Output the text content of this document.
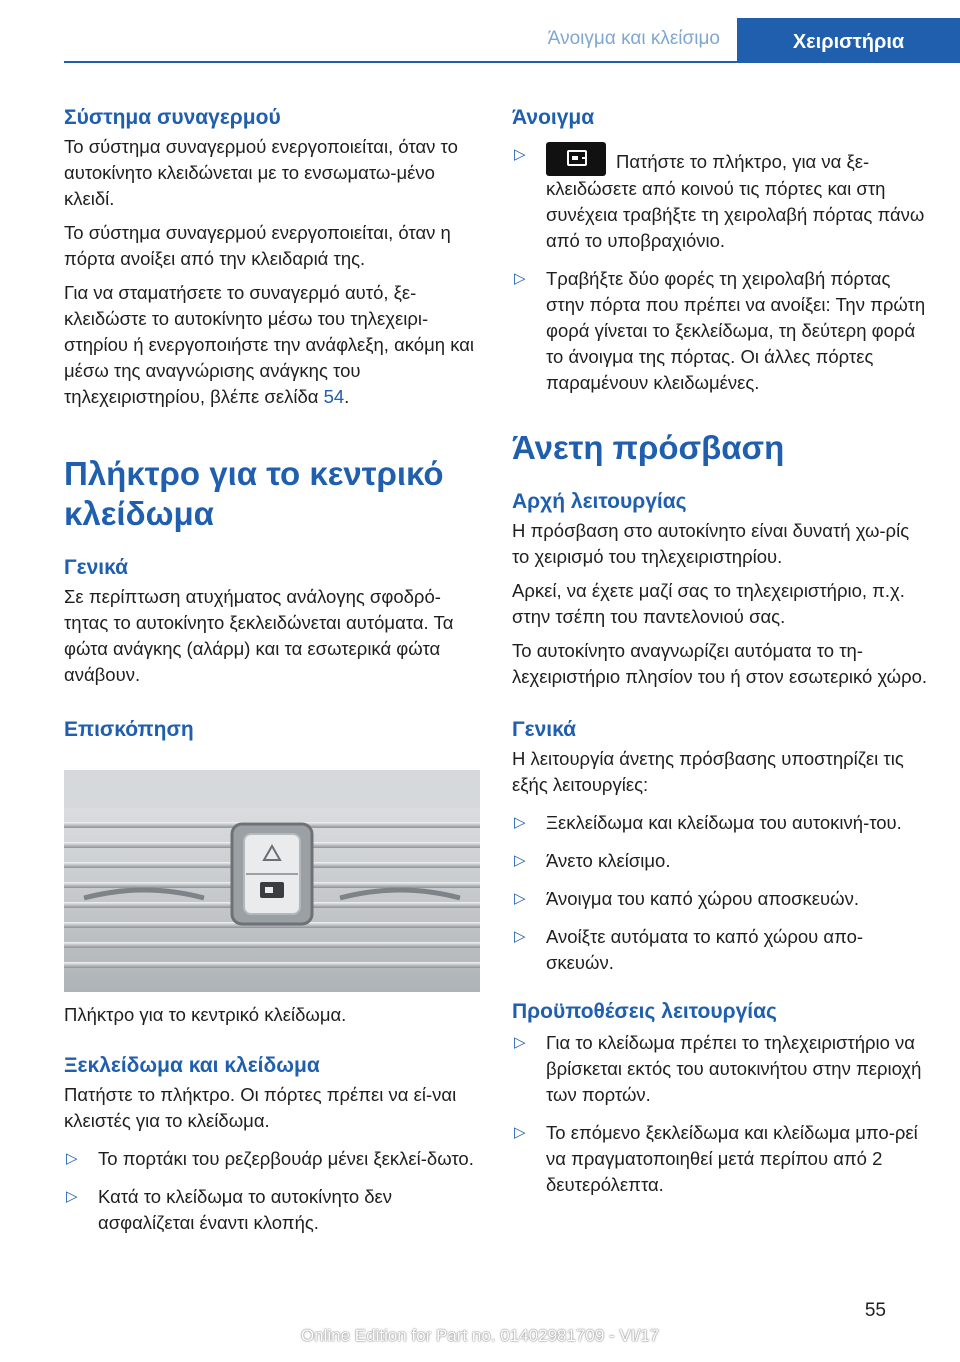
Άνοιγμα και κλείσιμο	Χειριστήρια
Σύστημα συναγερμού

Το σύστημα συναγερμού ενεργοποιείται, όταν το αυτοκίνητο κλειδώνεται με το ενσωματω‐μένο κλειδί.

Το σύστημα συναγερμού ενεργοποιείται, όταν η πόρτα ανοίξει από την κλειδαριά της.

Για να σταματήσετε το συναγερμό αυτό, ξε‐κλειδώστε το αυτοκίνητο μέσω του τηλεχειρι‐στηρίου ή ενεργοποιήστε την ανάφλεξη, ακόμη και μέσω της αναγνώρισης ανάγκης του τηλεχειριστηρίου, βλέπε σελίδα 54.

Πλήκτρο για το κεντρικό κλείδωμα
Γενικά

Σε περίπτωση ατυχήματος ανάλογης σφοδρό‐τητας το αυτοκίνητο ξεκλειδώνεται αυτόματα. Τα φώτα ανάγκης (αλάρμ) και τα εσωτερικά φώτα ανάβουν.

Επισκόπηση
Πλήκτρο για το κεντρικό κλείδωμα.
Ξεκλείδωμα και κλείδωμα

Πατήστε το πλήκτρο. Οι πόρτες πρέπει να εί‐ναι κλειστές για το κλείδωμα.

▷ Το πορτάκι του ρεζερβουάρ μένει ξεκλεί‐δωτο.
▷ Κατά το κλείδωμα το αυτοκίνητο δεν ασφαλίζεται έναντι κλοπής.
Άνοιγμα
▷	Πατήστε το πλήκτρο, για να ξε‐κλειδώσετε από κοινού τις πόρτες και στη συνέχεια τραβήξτε τη χειρολαβή πόρτας πάνω από το υποβραχιόνιο.
▷ Τραβήξτε δύο φορές τη χειρολαβή πόρτας στην πόρτα που πρέπει να ανοίξει: Την πρώτη φορά γίνεται το ξεκλείδωμα, τη δεύτερη φορά το άνοιγμα της πόρτας. Οι άλλες πόρτες παραμένουν κλειδωμένες.
Άνετη πρόσβαση
Αρχή λειτουργίας

Η πρόσβαση στο αυτοκίνητο είναι δυνατή χω‐ρίς το χειρισμό του τηλεχειριστηρίου.

Αρκεί, να έχετε μαζί σας το τηλεχειριστήριο, π.χ. στην τσέπη του παντελονιού σας.

Το αυτοκίνητο αναγνωρίζει αυτόματα το τη‐λεχειριστήριο πλησίον του ή στον εσωτερικό χώρο.

Γενικά

Η λειτουργία άνετης πρόσβασης υποστηρίζει τις εξής λειτουργίες:

▷ Ξεκλείδωμα και κλείδωμα του αυτοκινή‐του.
▷ Άνετο κλείσιμο.
▷ Άνοιγμα του καπό χώρου αποσκευών.
▷ Ανοίξτε αυτόματα το καπό χώρου απο‐σκευών.
Προϋποθέσεις λειτουργίας
▷ Για το κλείδωμα πρέπει το τηλεχειριστήριο να βρίσκεται εκτός του αυτοκινήτου στην περιοχή των πορτών.
▷ Το επόμενο ξεκλείδωμα και κλείδωμα μπο‐ρεί να πραγματοποιηθεί μετά περίπου από 2 δευτερόλεπτα.
55
Online Edition for Part no. 01402981709 - VI/17
